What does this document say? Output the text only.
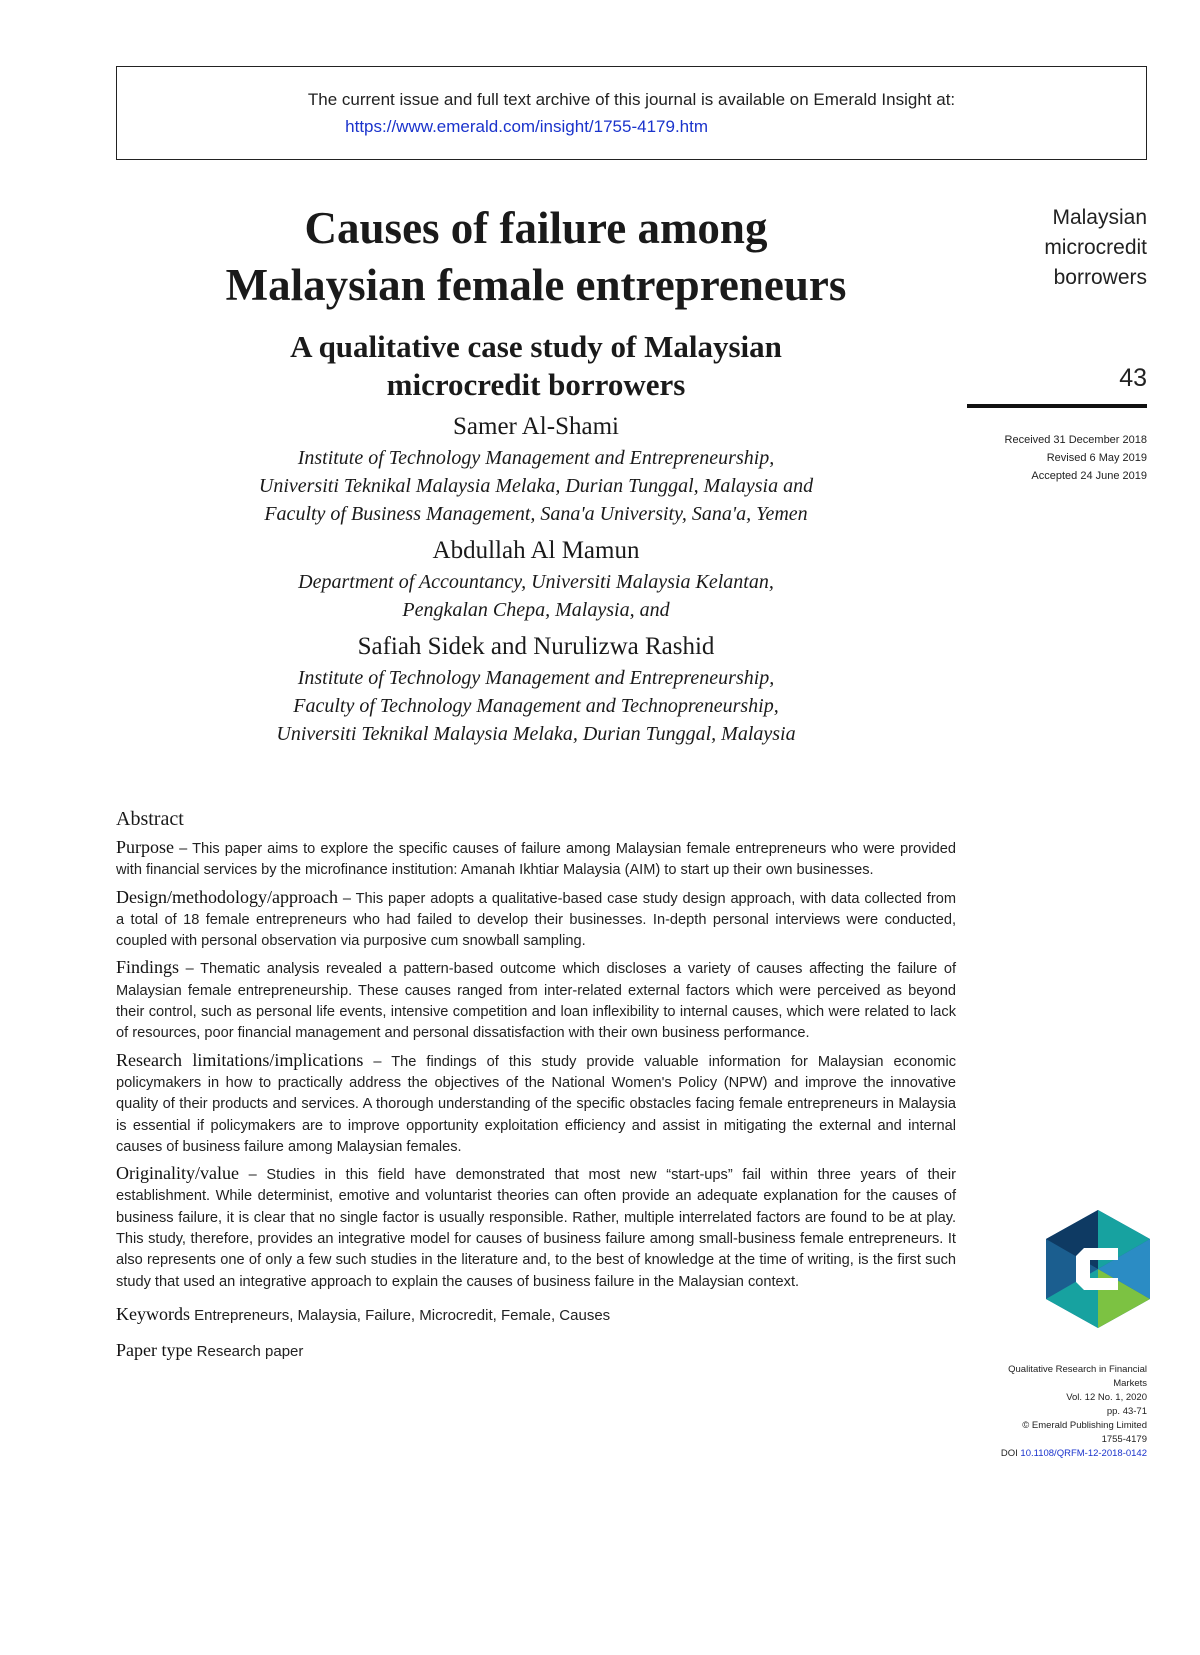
The current issue and full text archive of this journal is available on Emerald Insight at:
https://www.emerald.com/insight/1755-4179.htm

Causes of failure among
Malaysian female entrepreneurs

A qualitative case study of Malaysian
microcredit borrowers

Samer Al-Shami

Institute of Technology Management and Entrepreneurship,
Universiti Teknikal Malaysia Melaka, Durian Tunggal, Malaysia and
Faculty of Business Management, Sana'a University, Sana'a, Yemen

Abdullah Al Mamun

Department of Accountancy, Universiti Malaysia Kelantan,
Pengkalan Chepa, Malaysia, and

Safiah Sidek and Nurulizwa Rashid

Institute of Technology Management and Entrepreneurship,
Faculty of Technology Management and Technopreneurship,
Universiti Teknikal Malaysia Melaka, Durian Tunggal, Malaysia

Malaysian
microcredit
borrowers
43
Received 31 December 2018
Revised 6 May 2019
Accepted 24 June 2019

Abstract

Purpose – This paper aims to explore the specific causes of failure among Malaysian female entrepreneurs who were provided with financial services by the microfinance institution: Amanah Ikhtiar Malaysia (AIM) to start up their own businesses.

Design/methodology/approach – This paper adopts a qualitative-based case study design approach, with data collected from a total of 18 female entrepreneurs who had failed to develop their businesses. In-depth personal interviews were conducted, coupled with personal observation via purposive cum snowball sampling.

Findings – Thematic analysis revealed a pattern-based outcome which discloses a variety of causes affecting the failure of Malaysian female entrepreneurship. These causes ranged from inter-related external factors which were perceived as beyond their control, such as personal life events, intensive competition and loan inflexibility to internal causes, which were related to lack of resources, poor financial management and personal dissatisfaction with their own business performance.

Research limitations/implications – The findings of this study provide valuable information for Malaysian economic policymakers in how to practically address the objectives of the National Women's Policy (NPW) and improve the innovative quality of their products and services. A thorough understanding of the specific obstacles facing female entrepreneurs in Malaysia is essential if policymakers are to improve opportunity exploitation efficiency and assist in mitigating the external and internal causes of business failure among Malaysian females.

Originality/value – Studies in this field have demonstrated that most new “start-ups” fail within three years of their establishment. While determinist, emotive and voluntarist theories can often provide an adequate explanation for the causes of business failure, it is clear that no single factor is usually responsible. Rather, multiple interrelated factors are found to be at play. This study, therefore, provides an integrative model for causes of business failure among small-business female entrepreneurs. It also represents one of only a few such studies in the literature and, to the best of knowledge at the time of writing, is the first such study that used an integrative approach to explain the causes of business failure in the Malaysian context.

Keywords Entrepreneurs, Malaysia, Failure, Microcredit, Female, Causes

Paper type Research paper

Qualitative Research in Financial
Markets
Vol. 12 No. 1, 2020
pp. 43-71
© Emerald Publishing Limited
1755-4179
DOI 10.1108/QRFM-12-2018-0142
